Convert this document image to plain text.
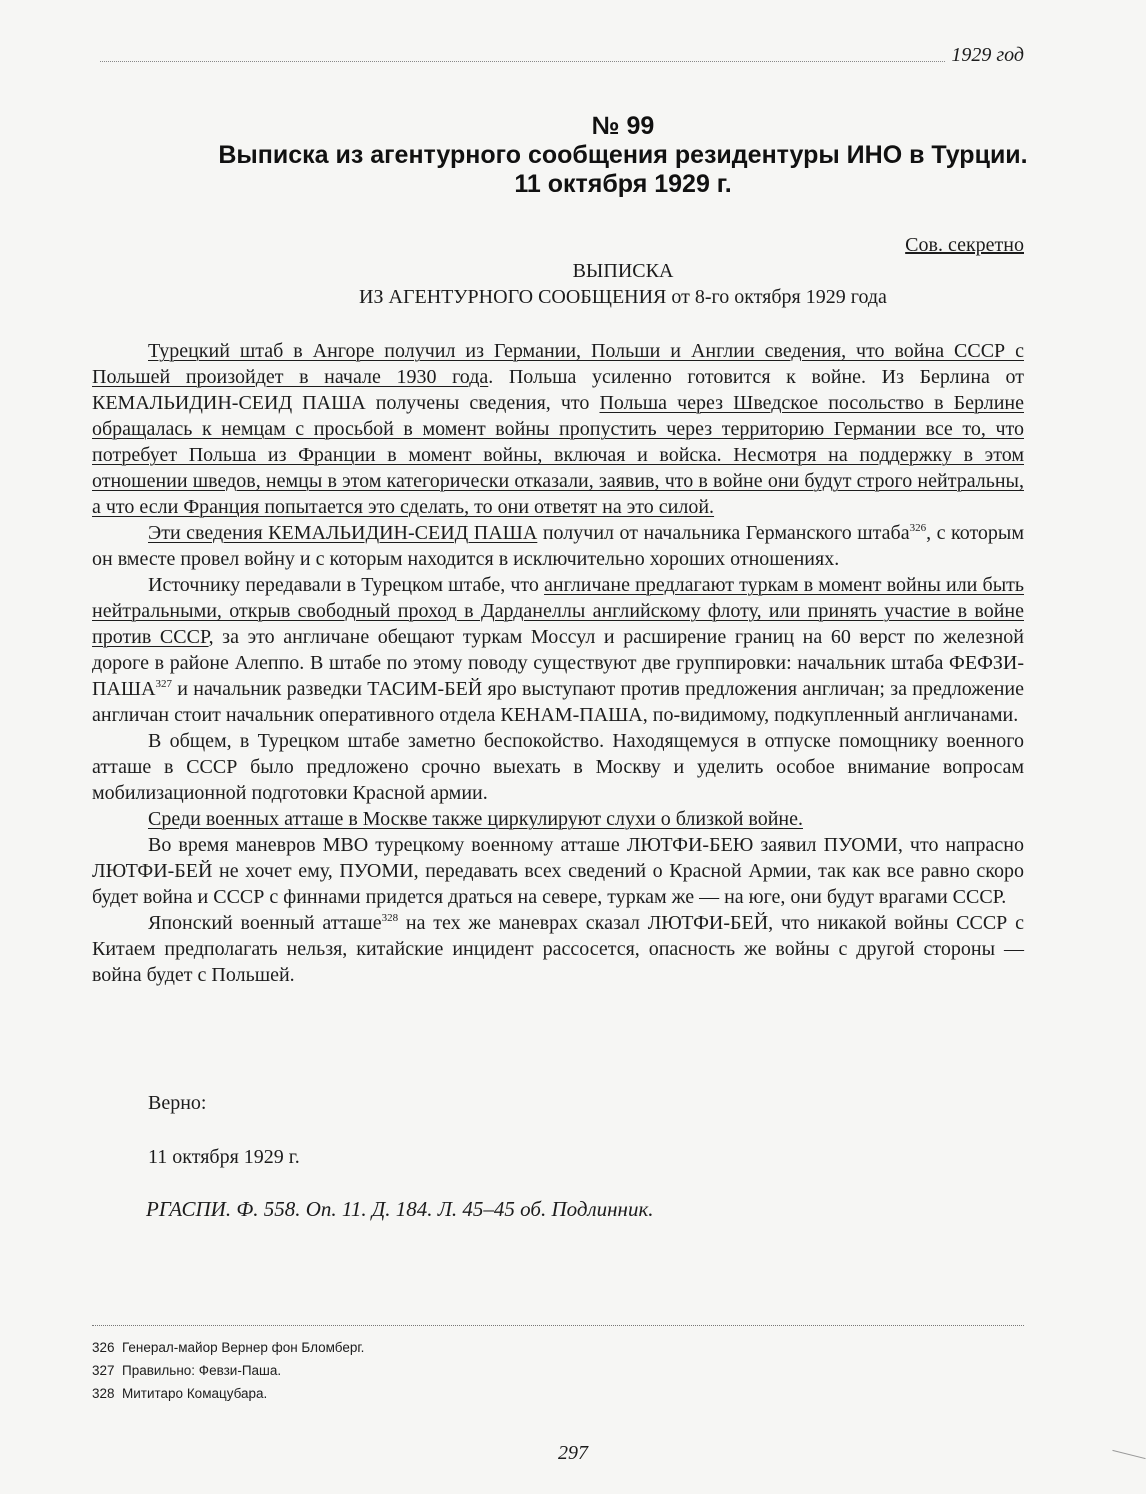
1929 год
№ 99
Выписка из агентурного сообщения резидентуры ИНО в Турции.
11 октября 1929 г.
Сов. секретно
ВЫПИСКА
ИЗ АГЕНТУРНОГО СООБЩЕНИЯ от 8-го октября 1929 года

Турецкий штаб в Ангоре получил из Германии, Польши и Англии сведения, что война СССР с Польшей произойдет в начале 1930 года. Польша усиленно готовится к войне. Из Берлина от КЕМАЛЬИДИН-СЕИД ПАША получены сведения, что Польша через Шведское посольство в Берлине обращалась к немцам с просьбой в момент войны пропустить через территорию Германии все то, что потребует Польша из Франции в момент войны, включая и войска. Несмотря на поддержку в этом отношении шведов, немцы в этом категорически отказали, заявив, что в войне они будут строго нейтральны, а что если Франция попытается это сделать, то они ответят на это силой.

Эти сведения КЕМАЛЬИДИН-СЕИД ПАША получил от начальника Германского штаба$^{326}$, с которым он вместе провел войну и с которым находится в исключительно хороших отношениях.

Источнику передавали в Турецком штабе, что англичане предлагают туркам в момент войны или быть нейтральными, открыв свободный проход в Дарданеллы английскому флоту, или принять участие в войне против СССР, за это англичане обещают туркам Моссул и расширение границ на 60 верст по железной дороге в районе Алеппо. В штабе по этому поводу существуют две группировки: начальник штаба ФЕФЗИ-ПАША$^{327}$ и начальник разведки ТАСИМ-БЕЙ яро выступают против предложения англичан; за предложение англичан стоит начальник оперативного отдела КЕНАМ-ПАША, по-видимому, подкупленный англичанами.

В общем, в Турецком штабе заметно беспокойство. Находящемуся в отпуске помощнику военного атташе в СССР было предложено срочно выехать в Москву и уделить особое внимание вопросам мобилизационной подготовки Красной армии.

Среди военных атташе в Москве также циркулируют слухи о близкой войне.

Во время маневров МВО турецкому военному атташе ЛЮТФИ-БЕЮ заявил ПУОМИ, что напрасно ЛЮТФИ-БЕЙ не хочет ему, ПУОМИ, передавать всех сведений о Красной Армии, так как все равно скоро будет война и СССР с финнами придется драться на севере, туркам же — на юге, они будут врагами СССР.

Японский военный атташе$^{328}$ на тех же маневрах сказал ЛЮТФИ-БЕЙ, что никакой войны СССР с Китаем предполагать нельзя, китайские инцидент рассосется, опасность же войны с другой стороны — война будет с Польшей.

Верно:
11 октября 1929 г.
РГАСПИ. Ф. 558. Оп. 11. Д. 184. Л. 45–45 об. Подлинник.
326 Генерал-майор Вернер фон Бломберг.
327 Правильно: Февзи-Паша.
328 Мититаро Комацубара.
297
